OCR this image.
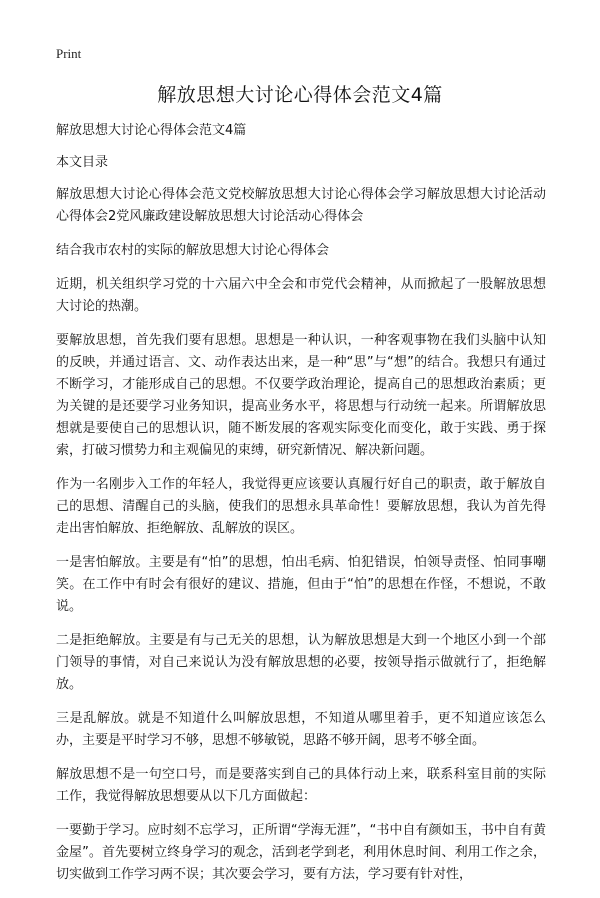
Print
解放思想大讨论心得体会范文4篇

解放思想大讨论心得体会范文4篇

本文目录

解放思想大讨论心得体会范文党校解放思想大讨论心得体会学习解放思想大讨论活动心得体会2党风廉政建设解放思想大讨论活动心得体会

结合我市农村的实际的解放思想大讨论心得体会

近期，机关组织学习党的十六届六中全会和市党代会精神，从而掀起了一股解放思想大讨论的热潮。

要解放思想，首先我们要有思想。思想是一种认识，一种客观事物在我们头脑中认知的反映，并通过语言、文、动作表达出来，是一种“思”与“想”的结合。我想只有通过不断学习，才能形成自己的思想。不仅要学政治理论，提高自己的思想政治素质；更为关键的是还要学习业务知识，提高业务水平，将思想与行动统一起来。所谓解放思想就是要使自己的思想认识，随不断发展的客观实际变化而变化，敢于实践、勇于探索，打破习惯势力和主观偏见的束缚，研究新情况、解决新问题。

作为一名刚步入工作的年轻人，我觉得更应该要认真履行好自己的职责，敢于解放自己的思想、清醒自己的头脑，使我们的思想永具革命性！要解放思想，我认为首先得走出害怕解放、拒绝解放、乱解放的误区。

一是害怕解放。主要是有“怕”的思想，怕出毛病、怕犯错误，怕领导责怪、怕同事嘲笑。在工作中有时会有很好的建议、措施，但由于“怕”的思想在作怪，不想说，不敢说。

二是拒绝解放。主要是有与己无关的思想，认为解放思想是大到一个地区小到一个部门领导的事情，对自己来说认为没有解放思想的必要，按领导指示做就行了，拒绝解放。

三是乱解放。就是不知道什么叫解放思想，不知道从哪里着手，更不知道应该怎么办，主要是平时学习不够，思想不够敏锐，思路不够开阔，思考不够全面。

解放思想不是一句空口号，而是要落实到自己的具体行动上来，联系科室目前的实际工作，我觉得解放思想要从以下几方面做起：

一要勤于学习。应时刻不忘学习，正所谓“学海无涯”，“书中自有颜如玉，书中自有黄金屋”。首先要树立终身学习的观念，活到老学到老，利用休息时间、利用工作之余，切实做到工作学习两不误；其次要会学习，要有方法，学习要有针对性，
